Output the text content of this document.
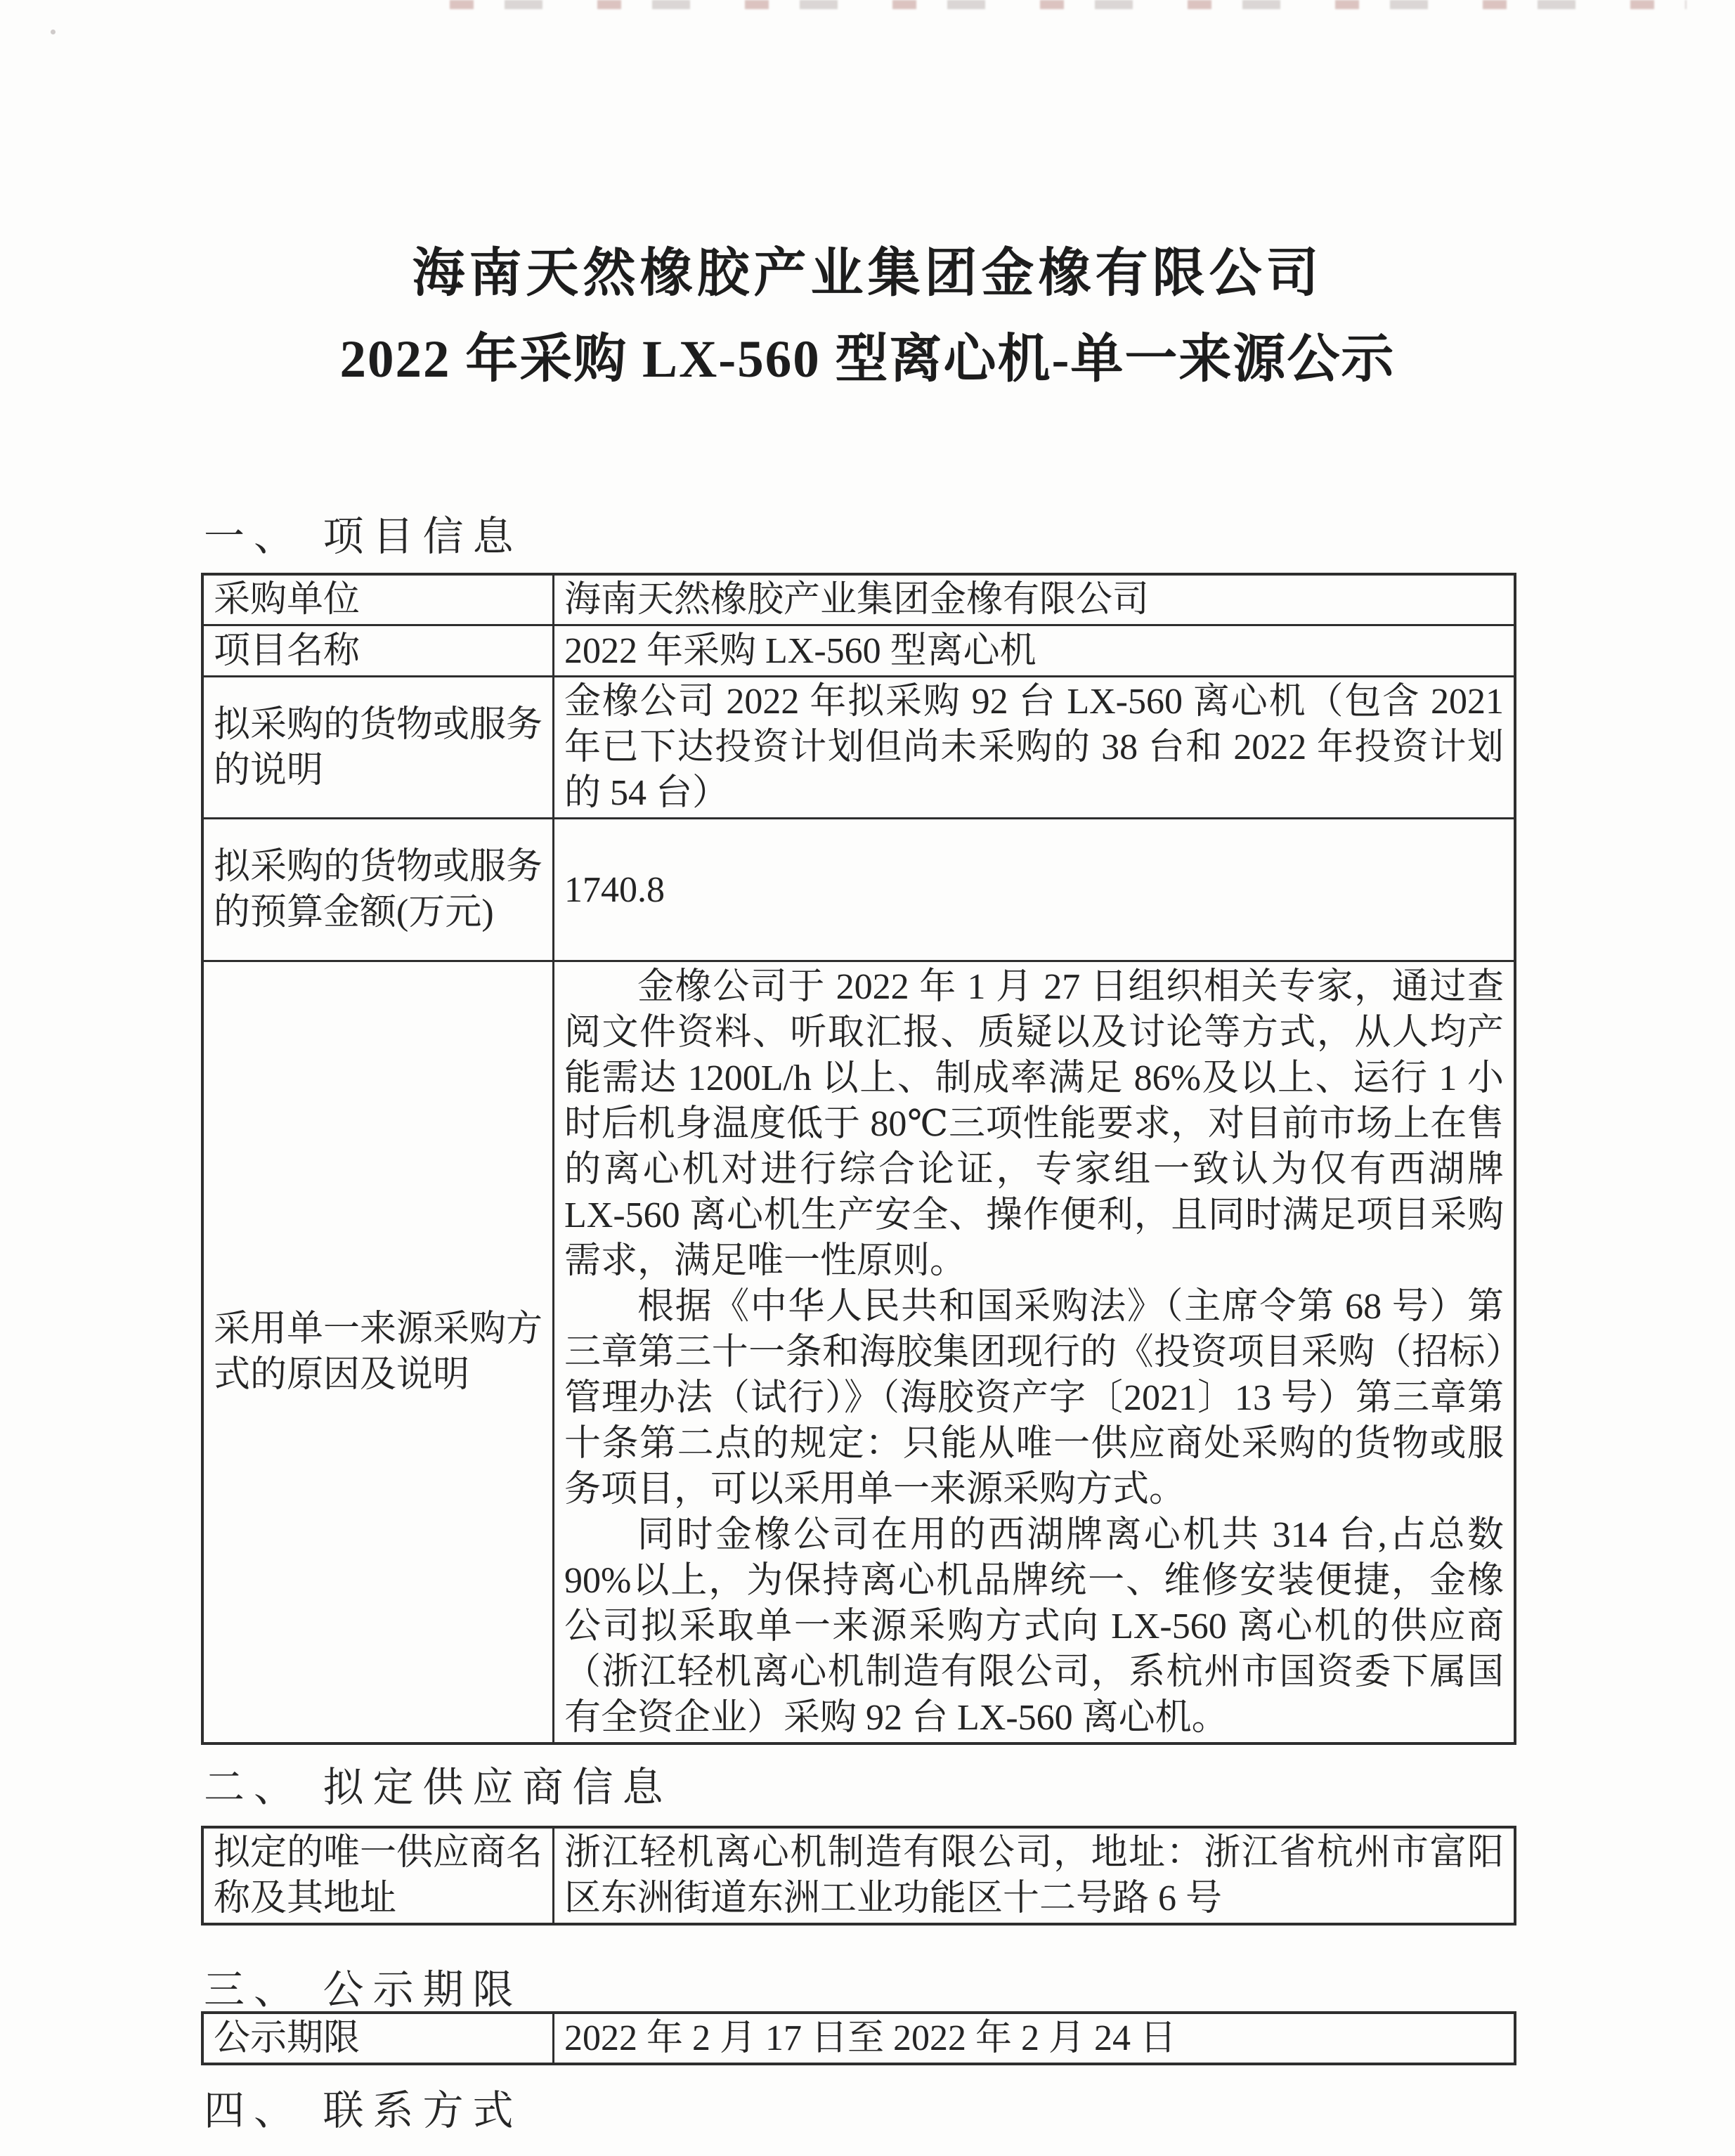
海南天然橡胶产业集团金橡有限公司
2022 年采购 LX-560 型离心机-单一来源公示
一、 项目信息
采购单位	海南天然橡胶产业集团金橡有限公司
项目名称	2022 年采购 LX-560 型离心机
拟采购的货物或服务的说明	金橡公司 2022 年拟采购 92 台 LX-560 离心机（包含 2021 年已下达投资计划但尚未采购的 38 台和 2022 年投资计划的 54 台）
拟采购的货物或服务的预算金额(万元)	1740.8
采用单一来源采购方式的原因及说明	金橡公司于 2022 年 1 月 27 日组织相关专家，通过查阅文件资料、听取汇报、质疑以及讨论等方式，从人均产能需达 1200L/h 以上、制成率满足 86%及以上、运行 1 小时后机身温度低于 80℃三项性能要求，对目前市场上在售的离心机对进行综合论证，专家组一致认为仅有西湖牌 LX-560 离心机生产安全、操作便利，且同时满足项目采购需求，满足唯一性原则。

根据《中华人民共和国采购法》（主席令第 68 号）第三章第三十一条和海胶集团现行的《投资项目采购（招标）管理办法（试行）》（海胶资产字〔2021〕13 号）第三章第十条第二点的规定：只能从唯一供应商处采购的货物或服务项目，可以采用单一来源采购方式。

同时金橡公司在用的西湖牌离心机共 314 台,占总数 90%以上，为保持离心机品牌统一、维修安装便捷，金橡公司拟采取单一来源采购方式向 LX-560 离心机的供应商（浙江轻机离心机制造有限公司，系杭州市国资委下属国有全资企业）采购 92 台 LX-560 离心机。

二、 拟定供应商信息
拟定的唯一供应商名称及其地址	浙江轻机离心机制造有限公司，地址：浙江省杭州市富阳区东洲街道东洲工业功能区十二号路 6 号
三、 公示期限
公示期限	2022 年 2 月 17 日至 2022 年 2 月 24 日
四、 联系方式
